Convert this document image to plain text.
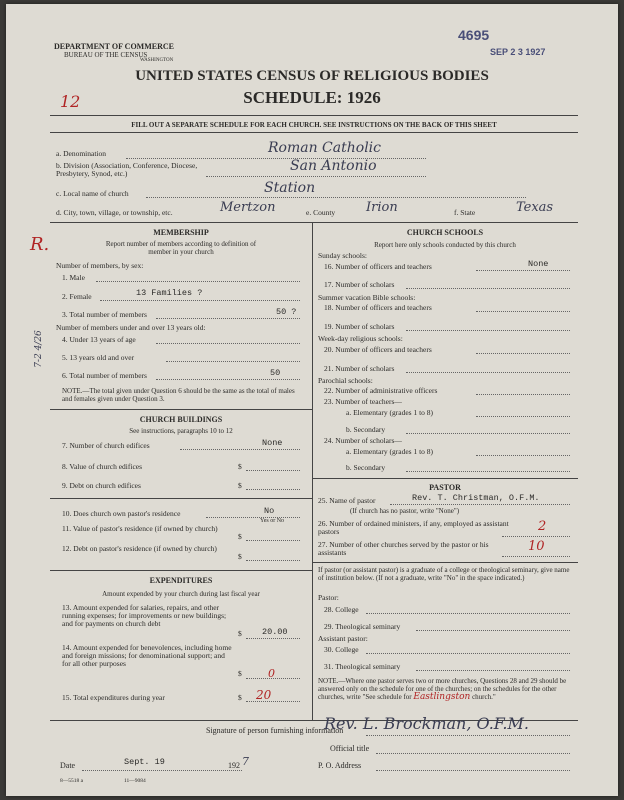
DEPARTMENT OF COMMERCE
BUREAU OF THE CENSUS
WASHINGTON
4695
SEP 2 3 1927
UNITED STATES CENSUS OF RELIGIOUS BODIES
SCHEDULE: 1926
12
FILL OUT A SEPARATE SCHEDULE FOR EACH CHURCH. SEE INSTRUCTIONS ON THE BACK OF THIS SHEET
a. Denomination	Roman Catholic
b. Division (Association, Conference, Diocese, Presbytery, Synod, etc.)	San Antonio
c. Local name of church	Station
d. City, town, village, or township, etc.	Mertzon	e. County Irion	f. State	Texas
R.
7-2 4/26
MEMBERSHIP
Report number of members according to definition of member in your church
Number of members, by sex:
1. Male
2. Female	13 Families ?
3. Total number of members	50 ?
Number of members under and over 13 years old:
4. Under 13 years of age
5. 13 years old and over
6. Total number of members	50
NOTE.—The total given under Question 6 should be the same as the total of males and females given under Question 3.
CHURCH BUILDINGS
See instructions, paragraphs 10 to 12
7. Number of church edifices	None
8. Value of church edifices	$
9. Debt on church edifices	$
10. Does church own pastor's residence	No
Yes or No
11. Value of pastor's residence (if owned by church)
$
12. Debt on pastor's residence (if owned by church)
$
EXPENDITURES
Amount expended by your church during last fiscal year
13. Amount expended for salaries, repairs, and other running expenses; for improvements or new buildings; and for payments on church debt
$ 20.00
14. Amount expended for benevolences, including home and foreign missions; for denominational support; and for all other purposes
$ 0
15. Total expenditures during year	$ 20
CHURCH SCHOOLS
Report here only schools conducted by this church
Sunday schools:
16. Number of officers and teachers	None
17. Number of scholars
Summer vacation Bible schools:
18. Number of officers and teachers
19. Number of scholars
Week-day religious schools:
20. Number of officers and teachers
21. Number of scholars
Parochial schools:
22. Number of administrative officers
23. Number of teachers—
a. Elementary (grades 1 to 8)
b. Secondary
24. Number of scholars—
a. Elementary (grades 1 to 8)
b. Secondary
PASTOR
25. Name of pastor	Rev. T. Christman, O.F.M.
(If church has no pastor, write "None")
26. Number of ordained ministers, if any, employed as assistant pastors	2
27. Number of other churches served by the pastor or his assistants	10
If pastor (or assistant pastor) is a graduate of a college or theological seminary, give name of institution below. (If not a graduate, write "No" in the space indicated.)
Pastor:
28. College
29. Theological seminary
Assistant pastor:
30. College
31. Theological seminary
NOTE.—Where one pastor serves two or more churches, Questions 28 and 29 should be answered only on the schedule for one of the churches; on the schedules for the other churches, write "See schedule for Eastlingston church."
Signature of person furnishing information
Rev. L. Brockman, O.F.M.
Official title
Date	Sept. 19	192 7	P. O. Address
8—5518 a	11—9084
